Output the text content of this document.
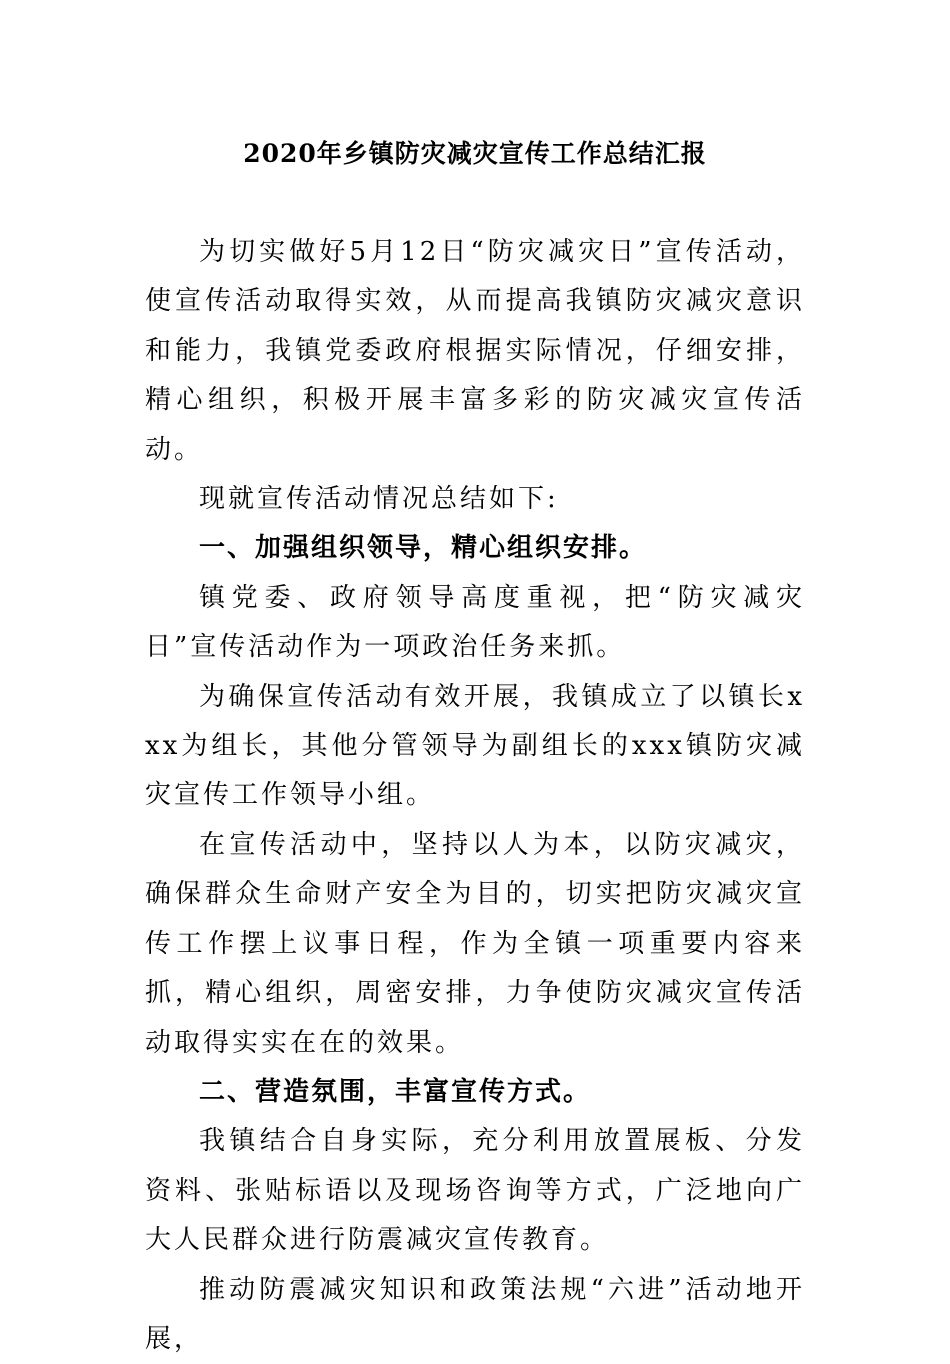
2020年乡镇防灾减灾宣传工作总结汇报

为切实做好5月12日“防灾减灾日”宣传活动，使宣传活动取得实效，从而提高我镇防灾减灾意识和能力，我镇党委政府根据实际情况，仔细安排，精心组织，积极开展丰富多彩的防灾减灾宣传活动。

现就宣传活动情况总结如下:

一、加强组织领导，精心组织安排。

镇党委、政府领导高度重视，把“防灾减灾日”宣传活动作为一项政治任务来抓。

为确保宣传活动有效开展，我镇成立了以镇长xxx为组长，其他分管领导为副组长的xxx镇防灾减灾宣传工作领导小组。

在宣传活动中，坚持以人为本，以防灾减灾，确保群众生命财产安全为目的，切实把防灾减灾宣传工作摆上议事日程，作为全镇一项重要内容来抓，精心组织，周密安排，力争使防灾减灾宣传活动取得实实在在的效果。

二、营造氛围，丰富宣传方式。

我镇结合自身实际，充分利用放置展板、分发资料、张贴标语以及现场咨询等方式，广泛地向广大人民群众进行防震减灾宣传教育。

推动防震减灾知识和政策法规“六进”活动地开展，
